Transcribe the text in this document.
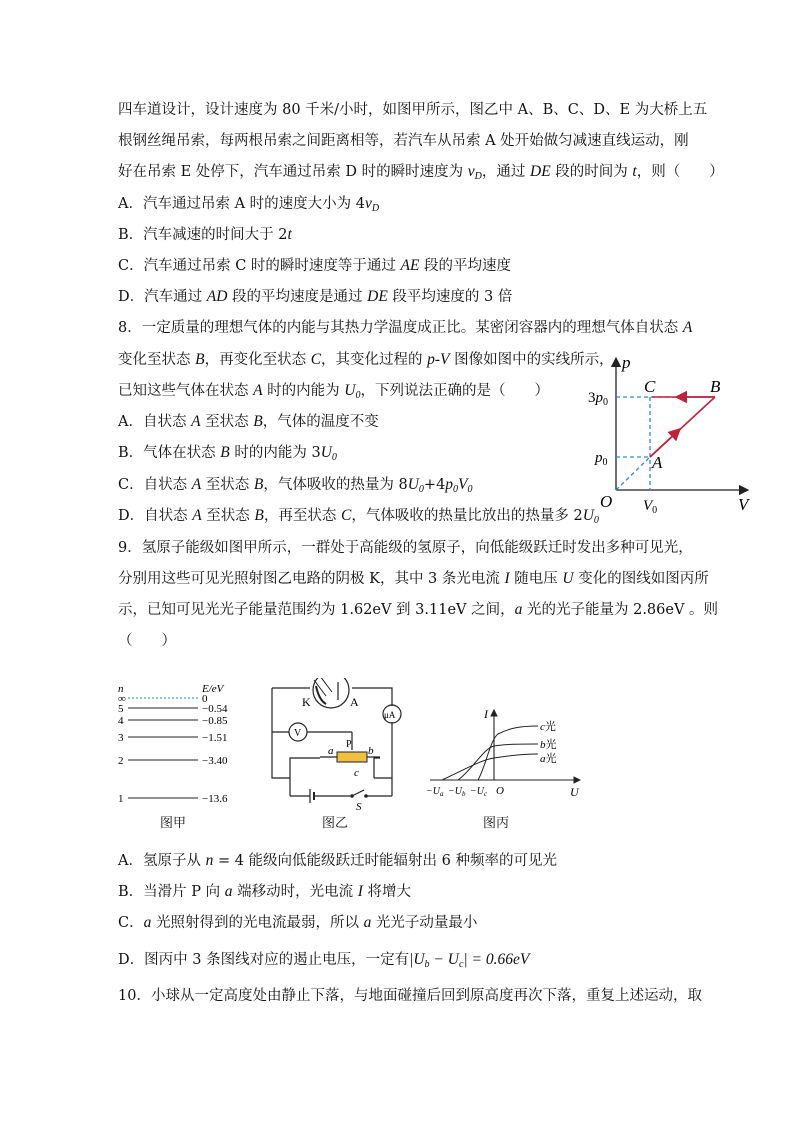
四车道设计，设计速度为 80 千米/小时，如图甲所示，图乙中 A、B、C、D、E 为大桥上五
根钢丝绳吊索，每两根吊索之间距离相等，若汽车从吊索 A 处开始做匀减速直线运动，刚
好在吊索 E 处停下，汽车通过吊索 D 时的瞬时速度为 $v_D$，通过 DE 段的时间为 t，则（　　）
A．汽车通过吊索 A 时的速度大小为 $4v_D$
B．汽车减速的时间大于 2t
C．汽车通过吊索 C 时的瞬时速度等于通过 AE 段的平均速度
D．汽车通过 AD 段的平均速度是通过 DE 段平均速度的 3 倍
8．一定质量的理想气体的内能与其热力学温度成正比。某密闭容器内的理想气体自状态 A
变化至状态 B，再变化至状态 C，其变化过程的 p-V 图像如图中的实线所示，
已知这些气体在状态 A 时的内能为 $U_0$，下列说法正确的是（　　）
A．自状态 A 至状态 B，气体的温度不变
B．气体在状态 B 时的内能为 $3U_0$
C．自状态 A 至状态 B，气体吸收的热量为 $8U_0+4p_0V_0$
D．自状态 A 至状态 B，再至状态 C，气体吸收的热量比放出的热量多 $2U_0$
p
V
O
A
B
C
$3p_0$
$p_0$
$V_0$
9．氢原子能级如图甲所示，一群处于高能级的氢原子，向低能级跃迁时发出多种可见光，
分别用这些可见光照射图乙电路的阴极 K，其中 3 条光电流 I 随电压 U 变化的图线如图丙所
示，已知可见光光子能量范围约为 1.62eV 到 3.11eV 之间，a 光的光子能量为 2.86eV 。则
（　　）
n	E/eV
∞	0
5	−0.54
4	−0.85
3	−1.51
2	−3.40
1	−13.6
图甲
K	A
μA
V
a	b
P
c
S
图乙
I
U
O
c光
b光
a光
$-U_a -U_b -U_c$
图丙
A．氢原子从 n = 4 能级向低能级跃迁时能辐射出 6 种频率的可见光
B．当滑片 P 向 a 端移动时，光电流 I 将增大
C．a 光照射得到的光电流最弱，所以 a 光光子动量最小
D．图丙中 3 条图线对应的遏止电压，一定有$|U_b - U_c| = 0.66eV$
10．小球从一定高度处由静止下落，与地面碰撞后回到原高度再次下落，重复上述运动，取
